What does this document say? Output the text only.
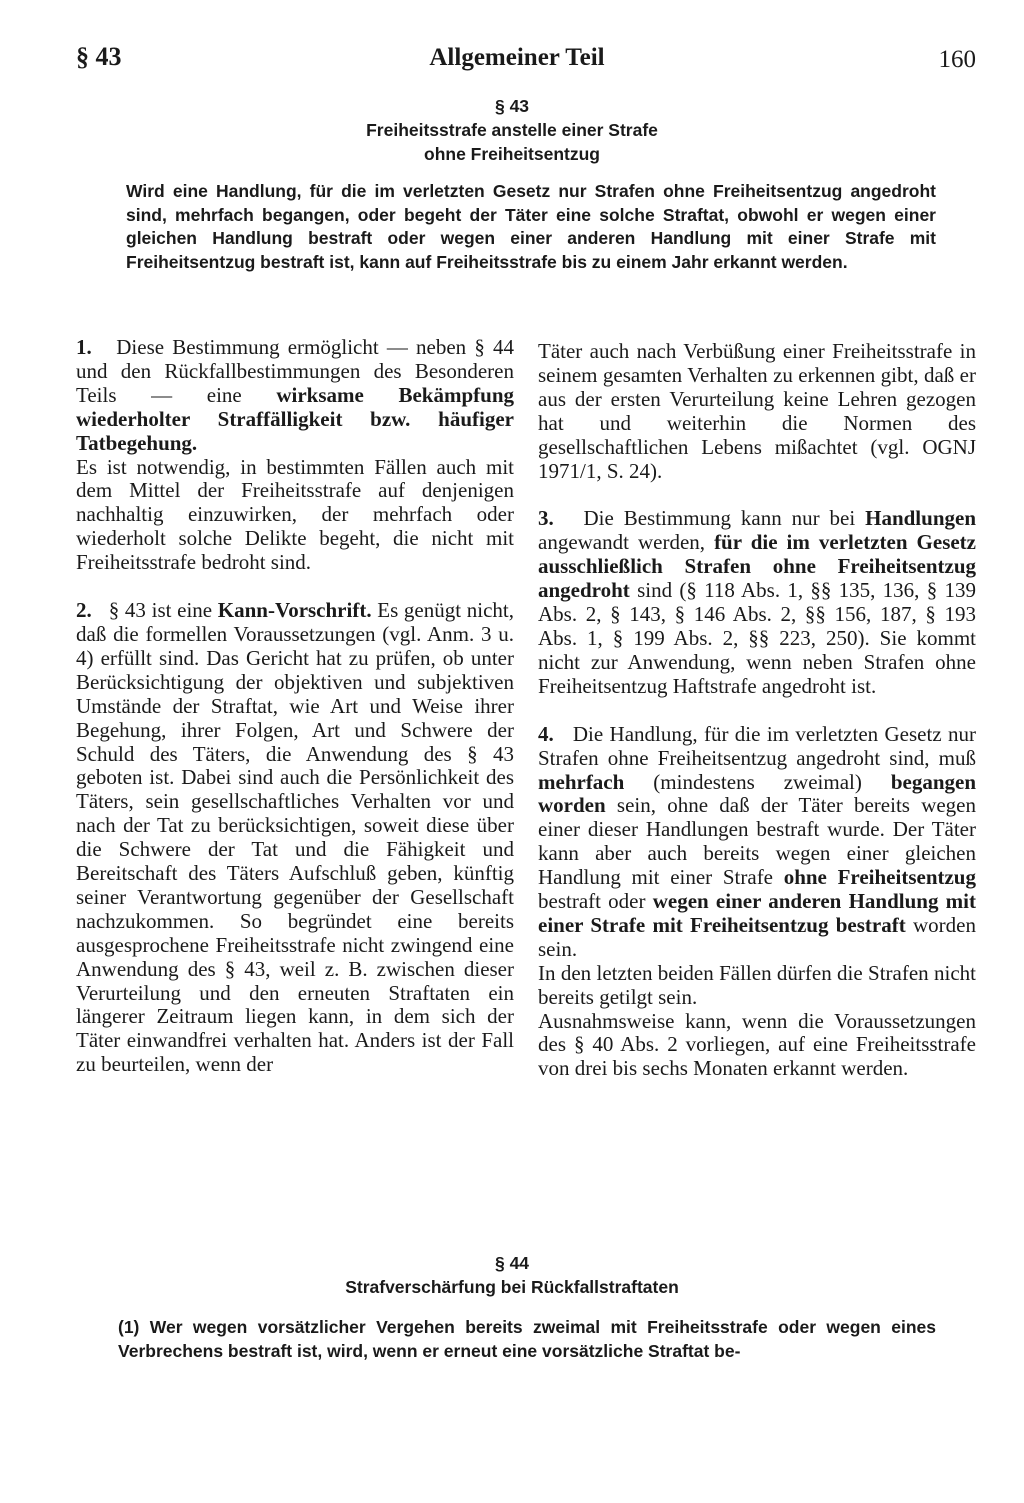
§ 43	Allgemeiner Teil	160
§ 43
Freiheitsstrafe anstelle einer Strafe
ohne Freiheitsentzug
Wird eine Handlung, für die im verletzten Gesetz nur Strafen ohne Freiheitsentzug angedroht sind, mehrfach begangen, oder begeht der Täter eine solche Straftat, obwohl er wegen einer gleichen Handlung bestraft oder wegen einer anderen Handlung mit einer Strafe mit Freiheitsentzug bestraft ist, kann auf Freiheitsstrafe bis zu einem Jahr erkannt werden.

1. Diese Bestimmung ermöglicht — neben § 44 und den Rückfallbestimmungen des Besonderen Teils — eine wirksame Bekämpfung wiederholter Straffälligkeit bzw. häufiger Tatbegehung.

Es ist notwendig, in bestimmten Fällen auch mit dem Mittel der Freiheitsstrafe auf denjenigen nachhaltig einzuwirken, der mehrfach oder wiederholt solche Delikte begeht, die nicht mit Freiheitsstrafe bedroht sind.

2. § 43 ist eine Kann-Vorschrift. Es genügt nicht, daß die formellen Voraussetzungen (vgl. Anm. 3 u. 4) erfüllt sind. Das Gericht hat zu prüfen, ob unter Berücksichtigung der objektiven und subjektiven Umstände der Straftat, wie Art und Weise ihrer Begehung, ihrer Folgen, Art und Schwere der Schuld des Täters, die Anwendung des § 43 geboten ist. Dabei sind auch die Persönlichkeit des Täters, sein gesellschaftliches Verhalten vor und nach der Tat zu berücksichtigen, soweit diese über die Schwere der Tat und die Fähigkeit und Bereitschaft des Täters Aufschluß geben, künftig seiner Verantwortung gegenüber der Gesellschaft nachzukommen. So begründet eine bereits ausgesprochene Freiheitsstrafe nicht zwingend eine Anwendung des § 43, weil z. B. zwischen dieser Verurteilung und den erneuten Straftaten ein längerer Zeitraum liegen kann, in dem sich der Täter einwandfrei verhalten hat. Anders ist der Fall zu beurteilen, wenn der

Täter auch nach Verbüßung einer Freiheitsstrafe in seinem gesamten Verhalten zu erkennen gibt, daß er aus der ersten Verurteilung keine Lehren gezogen hat und weiterhin die Normen des gesellschaftlichen Lebens mißachtet (vgl. OGNJ 1971/1, S. 24).

3. Die Bestimmung kann nur bei Handlungen angewandt werden, für die im verletzten Gesetz ausschließlich Strafen ohne Freiheitsentzug angedroht sind (§ 118 Abs. 1, §§ 135, 136, § 139 Abs. 2, § 143, § 146 Abs. 2, §§ 156, 187, § 193 Abs. 1, § 199 Abs. 2, §§ 223, 250). Sie kommt nicht zur Anwendung, wenn neben Strafen ohne Freiheitsentzug Haftstrafe angedroht ist.

4. Die Handlung, für die im verletzten Gesetz nur Strafen ohne Freiheitsentzug angedroht sind, muß mehrfach (mindestens zweimal) begangen worden sein, ohne daß der Täter bereits wegen einer dieser Handlungen bestraft wurde. Der Täter kann aber auch bereits wegen einer gleichen Handlung mit einer Strafe ohne Freiheitsentzug bestraft oder wegen einer anderen Handlung mit einer Strafe mit Freiheitsentzug bestraft worden sein.

In den letzten beiden Fällen dürfen die Strafen nicht bereits getilgt sein.

Ausnahmsweise kann, wenn die Voraussetzungen des § 40 Abs. 2 vorliegen, auf eine Freiheitsstrafe von drei bis sechs Monaten erkannt werden.

§ 44
Strafverschärfung bei Rückfallstraftaten
(1) Wer wegen vorsätzlicher Vergehen bereits zweimal mit Freiheitsstrafe oder wegen eines Verbrechens bestraft ist, wird, wenn er erneut eine vorsätzliche Straftat be-
